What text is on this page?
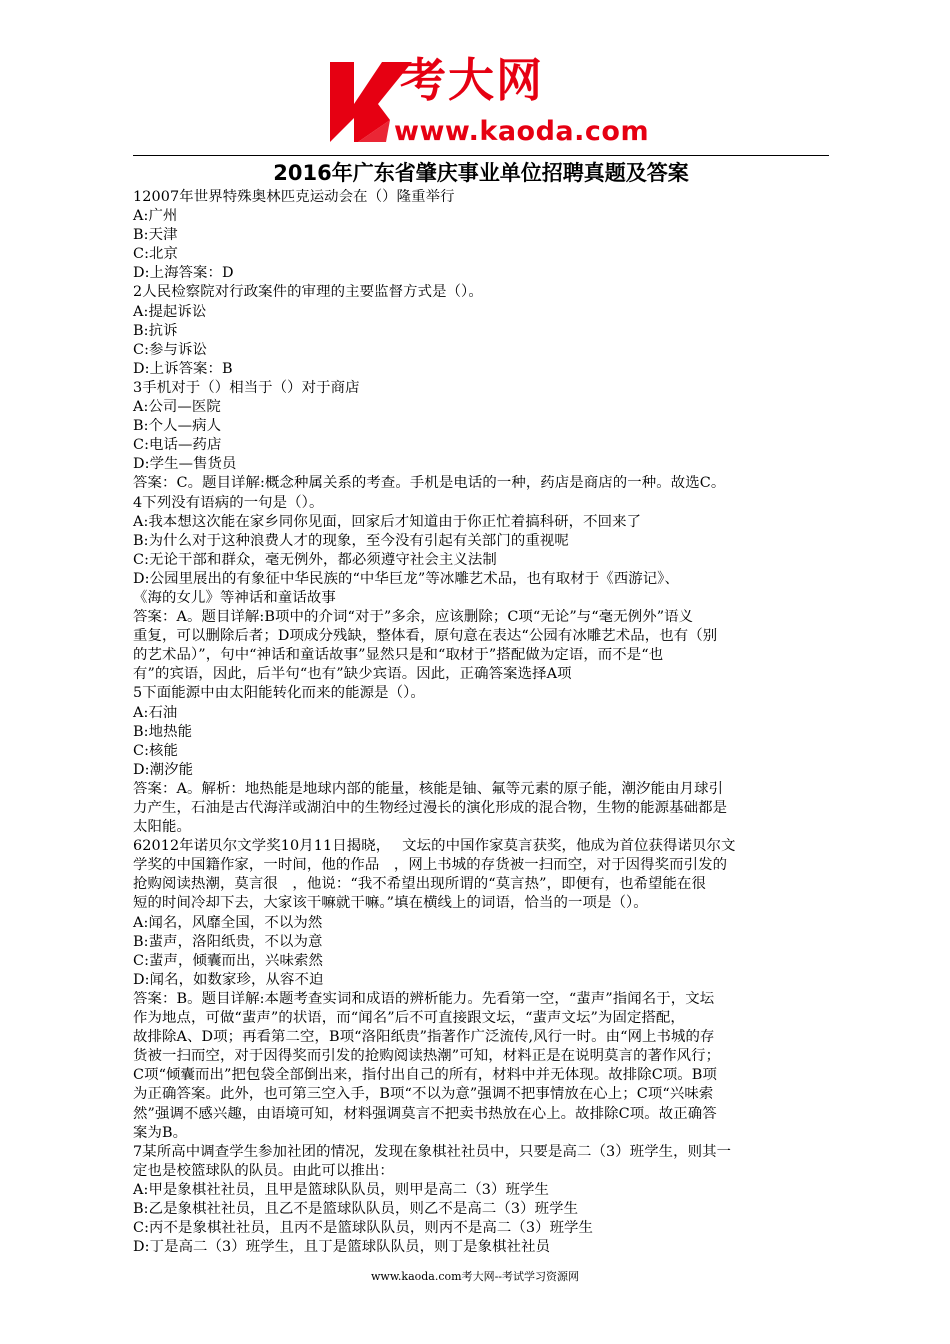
考大网
www.kaoda.com
2016年广东省肇庆事业单位招聘真题及答案

12007年世界特殊奥林匹克运动会在（）隆重举行

A:广州

B:天津

C:北京

D:上海答案：D

2人民检察院对行政案件的审理的主要监督方式是（）。

A:提起诉讼

B:抗诉

C:参与诉讼

D:上诉答案：B

3手机对于（）相当于（）对于商店

A:公司—医院

B:个人—病人

C:电话—药店

D:学生—售货员

答案：C。题目详解:概念种属关系的考查。手机是电话的一种，药店是商店的一种。故选C。

4下列没有语病的一句是（）。

A:我本想这次能在家乡同你见面，回家后才知道由于你正忙着搞科研，不回来了

B:为什么对于这种浪费人才的现象，至今没有引起有关部门的重视呢

C:无论干部和群众，毫无例外，都必须遵守社会主义法制

D:公园里展出的有象征中华民族的“中华巨龙”等冰雕艺术品，也有取材于《西游记》、

《海的女儿》等神话和童话故事

答案：A。题目详解:B项中的介词“对于”多余，应该删除；C项“无论”与“毫无例外”语义

重复，可以删除后者；D项成分残缺，整体看，原句意在表达“公园有冰雕艺术品，也有（别

的艺术品）”，句中“神话和童话故事”显然只是和“取材于”搭配做为定语，而不是“也

有”的宾语，因此，后半句“也有”缺少宾语。因此，正确答案选择A项

5下面能源中由太阳能转化而来的能源是（）。

A:石油

B:地热能

C:核能

D:潮汐能

答案：A。解析：地热能是地球内部的能量，核能是铀、氟等元素的原子能，潮汐能由月球引

力产生，石油是古代海洋或湖泊中的生物经过漫长的演化形成的混合物，生物的能源基础都是

太阳能。

62012年诺贝尔文学奖10月11日揭晓，　 文坛的中国作家莫言获奖，他成为首位获得诺贝尔文

学奖的中国籍作家，一时间，他的作品　，网上书城的存货被一扫而空，对于因得奖而引发的

抢购阅读热潮，莫言很　，他说：“我不希望出现所谓的“莫言热”，即便有，也希望能在很

短的时间冷却下去，大家该干嘛就干嘛。”填在横线上的词语，恰当的一项是（）。

A:闻名，风靡全国，不以为然

B:蜚声，洛阳纸贵，不以为意

C:蜚声，倾囊而出，兴味索然

D:闻名，如数家珍，从容不迫

答案：B。题目详解:本题考查实词和成语的辨析能力。先看第一空，“蜚声”指闻名于，文坛

作为地点，可做“蜚声”的状语，而“闻名”后不可直接跟文坛，“蜚声文坛”为固定搭配，

故排除A、D项；再看第二空，B项“洛阳纸贵”指著作广泛流传,风行一时。由“网上书城的存

货被一扫而空，对于因得奖而引发的抢购阅读热潮”可知，材料正是在说明莫言的著作风行；

C项“倾囊而出”把包袋全部倒出来，指付出自己的所有，材料中并无体现。故排除C项。B项

为正确答案。此外，也可第三空入手，B项“不以为意”强调不把事情放在心上；C项“兴味索

然”强调不感兴趣，由语境可知，材料强调莫言不把卖书热放在心上。故排除C项。故正确答

案为B。

7某所高中调查学生参加社团的情况，发现在象棋社社员中，只要是高二（3）班学生，则其一

定也是校篮球队的队员。由此可以推出：

A:甲是象棋社社员，且甲是篮球队队员，则甲是高二（3）班学生

B:乙是象棋社社员，且乙不是篮球队队员，则乙不是高二（3）班学生

C:丙不是象棋社社员，且丙不是篮球队队员，则丙不是高二（3）班学生

D:丁是高二（3）班学生，且丁是篮球队队员，则丁是象棋社社员

www.kaoda.com考大网--考试学习资源网
